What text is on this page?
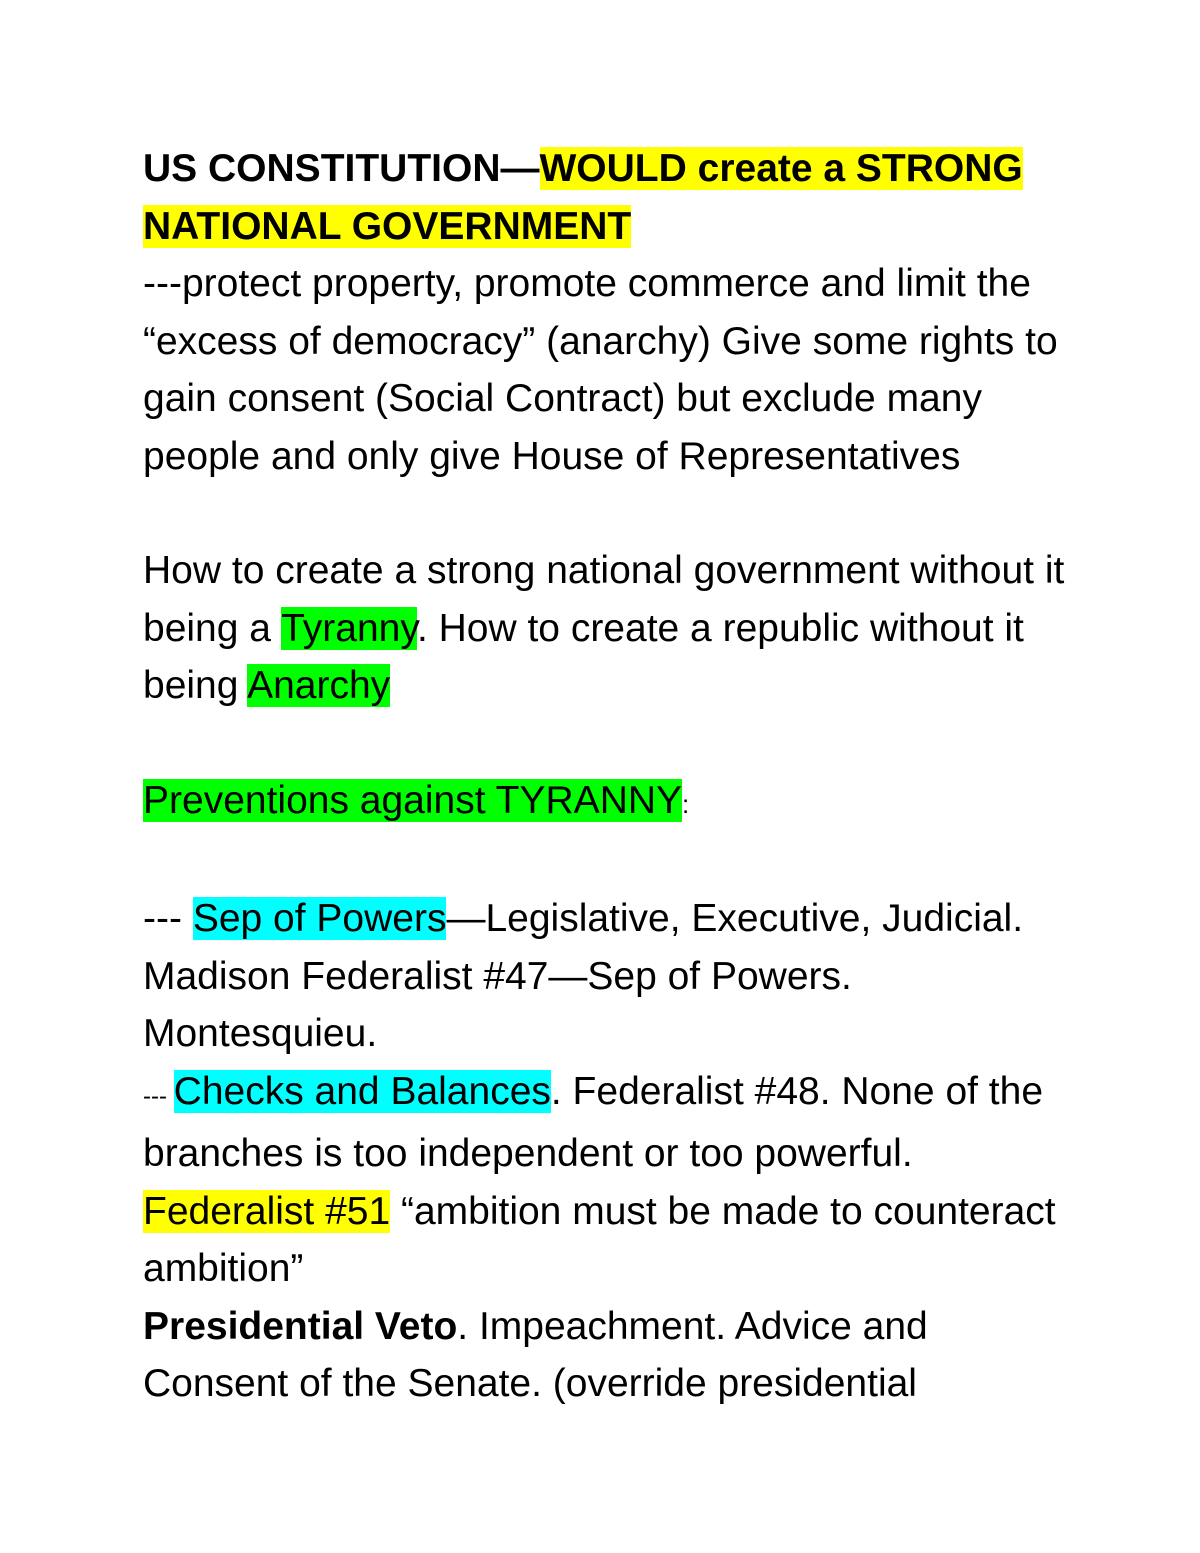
US CONSTITUTION—WOULD create a STRONG NATIONAL GOVERNMENT

---protect property, promote commerce and limit the “excess of democracy” (anarchy) Give some rights to gain consent (Social Contract) but exclude many people and only give House of Representatives

How to create a strong national government without it being a Tyranny. How to create a republic without it being Anarchy

Preventions against TYRANNY:

--- Sep of Powers—Legislative, Executive, Judicial. Madison Federalist #47—Sep of Powers. Montesquieu.

--- Checks and Balances. Federalist #48. None of the branches is too independent or too powerful. Federalist #51 “ambition must be made to counteract ambition”

Presidential Veto. Impeachment. Advice and Consent of the Senate. (override presidential
